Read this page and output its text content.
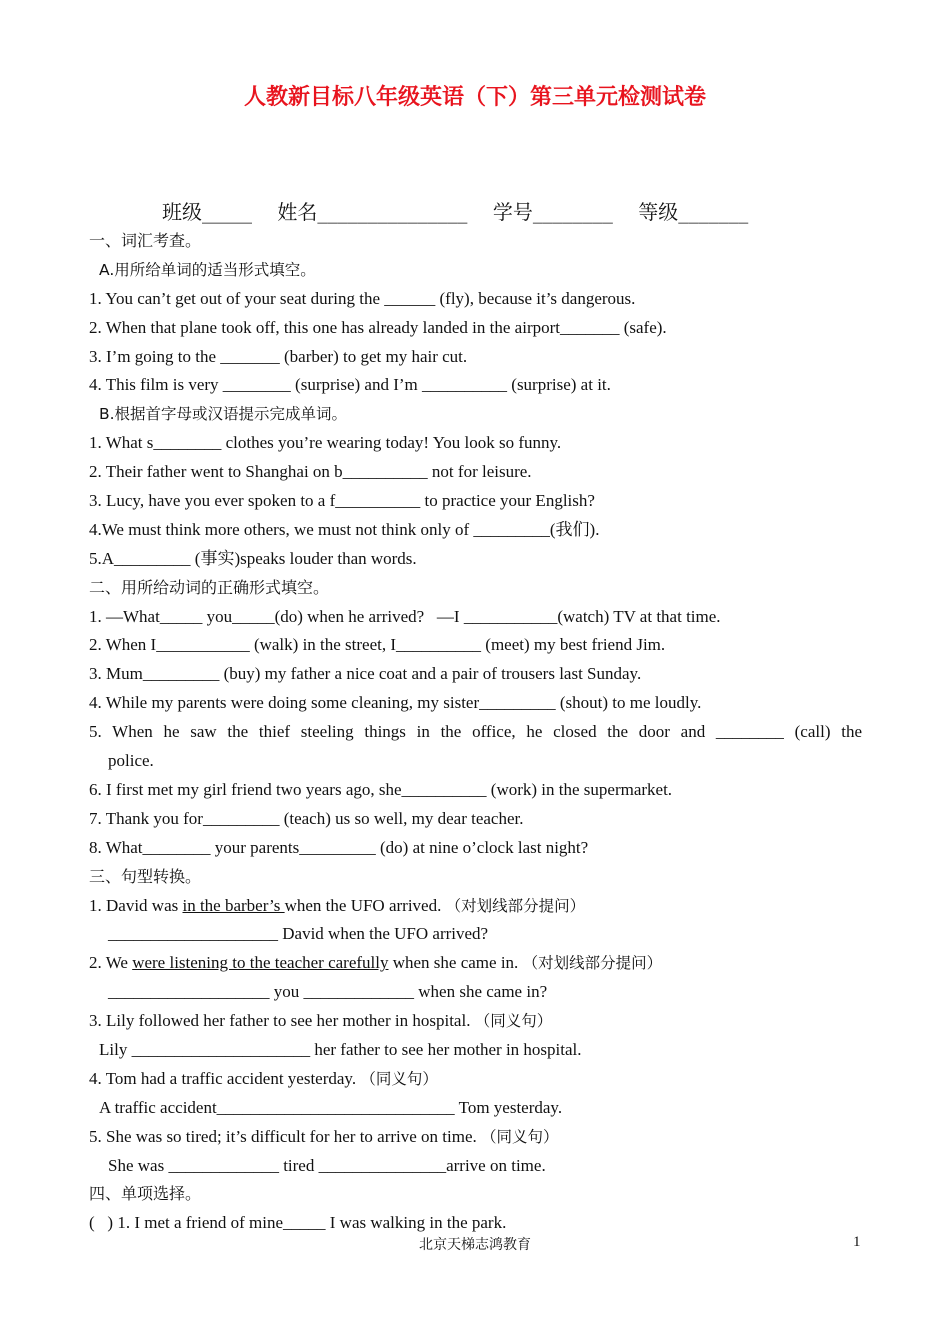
人教新目标八年级英语（下）第三单元检测试卷
班级_____    姓名_______________    学号________    等级_______
一、词汇考查。
A.用所给单词的适当形式填空。
1. You can’t get out of your seat during the ______ (fly), because it’s dangerous.
2. When that plane took off, this one has already landed in the airport_______ (safe).
3. I’m going to the _______ (barber) to get my hair cut.
4. This film is very ________ (surprise) and I’m __________ (surprise) at it.
B.根据首字母或汉语提示完成单词。
1. What s________ clothes you’re wearing today! You look so funny.
2. Their father went to Shanghai on b__________ not for leisure.
3. Lucy, have you ever spoken to a f__________ to practice your English?
4.We must think more others, we must not think only of _________(我们).
5.A_________ (事实)speaks louder than words.
二、用所给动词的正确形式填空。
1. —What_____ you_____(do) when he arrived?   —I ___________(watch) TV at that time.
2. When I___________ (walk) in the street, I__________ (meet) my best friend Jim.
3. Mum_________ (buy) my father a nice coat and a pair of trousers last Sunday.
4. While my parents were doing some cleaning, my sister_________ (shout) to me loudly.
5. When he saw the thief steeling things in the office, he closed the door and ________ (call) the
police.
6. I first met my girl friend two years ago, she__________ (work) in the supermarket.
7. Thank you for_________ (teach) us so well, my dear teacher.
8. What________ your parents_________ (do) at nine o’clock last night?
三、句型转换。
1. David was in the barber’s when the UFO arrived. （对划线部分提问）
____________________ David when the UFO arrived?
2. We were listening to the teacher carefully when she came in. （对划线部分提问）
___________________ you _____________ when she came in?
3. Lily followed her father to see her mother in hospital. （同义句）
Lily _____________________ her father to see her mother in hospital.
4. Tom had a traffic accident yesterday. （同义句）
A traffic accident____________________________ Tom yesterday.
5. She was so tired; it’s difficult for her to arrive on time. （同义句）
She was _____________ tired _______________arrive on time.
四、单项选择。
(   ) 1. I met a friend of mine_____ I was walking in the park.
北京天梯志鸿教育	1
